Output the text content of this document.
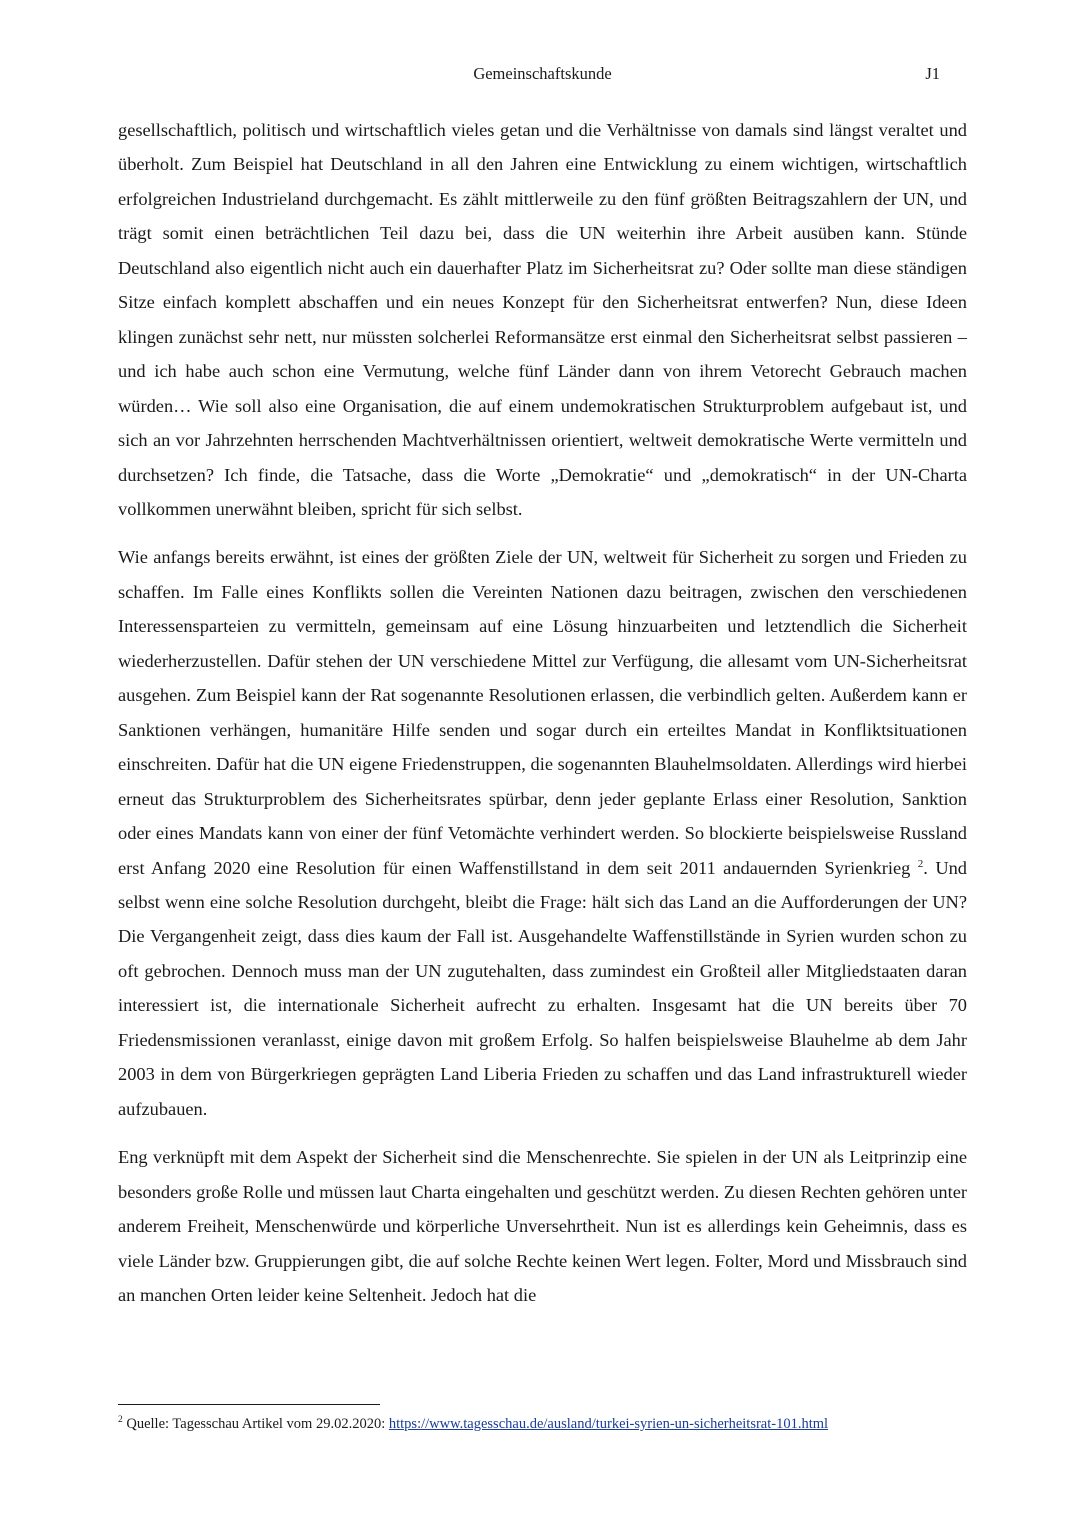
Gemeinschaftskunde	J1

gesellschaftlich, politisch und wirtschaftlich vieles getan und die Verhältnisse von damals sind längst veraltet und überholt. Zum Beispiel hat Deutschland in all den Jahren eine Entwicklung zu einem wichtigen, wirtschaftlich erfolgreichen Industrieland durchgemacht. Es zählt mittlerweile zu den fünf größten Beitragszahlern der UN, und trägt somit einen beträchtlichen Teil dazu bei, dass die UN weiterhin ihre Arbeit ausüben kann. Stünde Deutschland also eigentlich nicht auch ein dauerhafter Platz im Sicherheitsrat zu? Oder sollte man diese ständigen Sitze einfach komplett abschaffen und ein neues Konzept für den Sicherheitsrat entwerfen? Nun, diese Ideen klingen zunächst sehr nett, nur müssten solcherlei Reformansätze erst einmal den Sicherheitsrat selbst passieren – und ich habe auch schon eine Vermutung, welche fünf Länder dann von ihrem Vetorecht Gebrauch machen würden… Wie soll also eine Organisation, die auf einem undemokratischen Strukturproblem aufgebaut ist, und sich an vor Jahrzehnten herrschenden Machtverhältnissen orientiert, weltweit demokratische Werte vermitteln und durchsetzen? Ich finde, die Tatsache, dass die Worte „Demokratie“ und „demokratisch“ in der UN-Charta vollkommen unerwähnt bleiben, spricht für sich selbst.

Wie anfangs bereits erwähnt, ist eines der größten Ziele der UN, weltweit für Sicherheit zu sorgen und Frieden zu schaffen. Im Falle eines Konflikts sollen die Vereinten Nationen dazu beitragen, zwischen den verschiedenen Interessensparteien zu vermitteln, gemeinsam auf eine Lösung hinzuarbeiten und letztendlich die Sicherheit wiederherzustellen. Dafür stehen der UN verschiedene Mittel zur Verfügung, die allesamt vom UN-Sicherheitsrat ausgehen. Zum Beispiel kann der Rat sogenannte Resolutionen erlassen, die verbindlich gelten. Außerdem kann er Sanktionen verhängen, humanitäre Hilfe senden und sogar durch ein erteiltes Mandat in Konfliktsituationen einschreiten. Dafür hat die UN eigene Friedenstruppen, die sogenannten Blauhelmsoldaten. Allerdings wird hierbei erneut das Strukturproblem des Sicherheitsrates spürbar, denn jeder geplante Erlass einer Resolution, Sanktion oder eines Mandats kann von einer der fünf Vetomächte verhindert werden. So blockierte beispielsweise Russland erst Anfang 2020 eine Resolution für einen Waffenstillstand in dem seit 2011 andauernden Syrienkrieg $^2$. Und selbst wenn eine solche Resolution durchgeht, bleibt die Frage: hält sich das Land an die Aufforderungen der UN? Die Vergangenheit zeigt, dass dies kaum der Fall ist. Ausgehandelte Waffenstillstände in Syrien wurden schon zu oft gebrochen. Dennoch muss man der UN zugutehalten, dass zumindest ein Großteil aller Mitgliedstaaten daran interessiert ist, die internationale Sicherheit aufrecht zu erhalten. Insgesamt hat die UN bereits über 70 Friedensmissionen veranlasst, einige davon mit großem Erfolg. So halfen beispielsweise Blauhelme ab dem Jahr 2003 in dem von Bürgerkriegen geprägten Land Liberia Frieden zu schaffen und das Land infrastrukturell wieder aufzubauen.

Eng verknüpft mit dem Aspekt der Sicherheit sind die Menschenrechte. Sie spielen in der UN als Leitprinzip eine besonders große Rolle und müssen laut Charta eingehalten und geschützt werden. Zu diesen Rechten gehören unter anderem Freiheit, Menschenwürde und körperliche Unversehrtheit. Nun ist es allerdings kein Geheimnis, dass es viele Länder bzw. Gruppierungen gibt, die auf solche Rechte keinen Wert legen. Folter, Mord und Missbrauch sind an manchen Orten leider keine Seltenheit. Jedoch hat die

$^2$ Quelle: Tagesschau Artikel vom 29.02.2020: https://www.tagesschau.de/ausland/turkei-syrien-un-sicherheitsrat-101.html
